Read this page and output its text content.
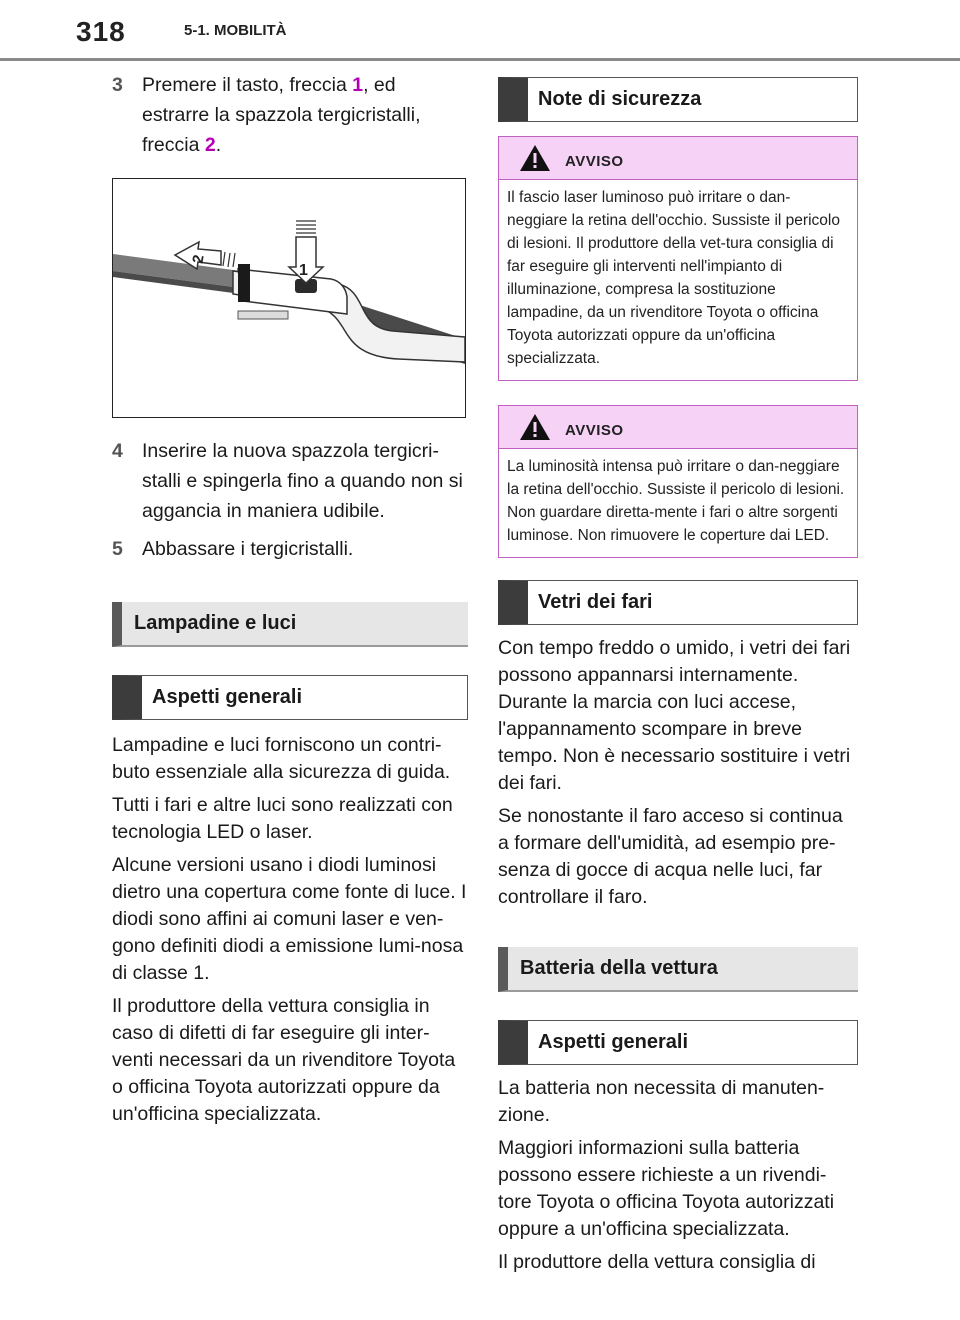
318	5-1. MOBILITÀ
3 Premere il tasto, freccia 1, ed estrarre la spazzola tergicristalli, freccia 2.
1
2
4 Inserire la nuova spazzola tergicri-stalli e spingerla fino a quando non si aggancia in maniera udibile.
5 Abbassare i tergicristalli.
Lampadine e luci
Aspetti generali

Lampadine e luci forniscono un contri-buto essenziale alla sicurezza di guida.

Tutti i fari e altre luci sono realizzati con tecnologia LED o laser.

Alcune versioni usano i diodi luminosi dietro una copertura come fonte di luce. I diodi sono affini ai comuni laser e ven-gono definiti diodi a emissione lumi-nosa di classe 1.

Il produttore della vettura consiglia in caso di difetti di far eseguire gli inter-venti necessari da un rivenditore Toyota o officina Toyota autorizzati oppure da un'officina specializzata.

Note di sicurezza
AVVISO
Il fascio laser luminoso può irritare o dan-neggiare la retina dell'occhio. Sussiste il pericolo di lesioni. Il produttore della vet-tura consiglia di far eseguire gli interventi nell'impianto di illuminazione, compresa la sostituzione lampadine, da un rivenditore Toyota o officina Toyota autorizzati oppure da un'officina specializzata.
AVVISO
La luminosità intensa può irritare o dan-neggiare la retina dell'occhio. Sussiste il pericolo di lesioni. Non guardare diretta-mente i fari o altre sorgenti luminose. Non rimuovere le coperture dai LED.
Vetri dei fari

Con tempo freddo o umido, i vetri dei fari possono appannarsi internamente. Durante la marcia con luci accese, l'appannamento scompare in breve tempo. Non è necessario sostituire i vetri dei fari.

Se nonostante il faro acceso si continua a formare dell'umidità, ad esempio pre-senza di gocce di acqua nelle luci, far controllare il faro.

Batteria della vettura
Aspetti generali

La batteria non necessita di manuten-zione.

Maggiori informazioni sulla batteria possono essere richieste a un rivendi-tore Toyota o officina Toyota autorizzati oppure a un'officina specializzata.

Il produttore della vettura consiglia di
